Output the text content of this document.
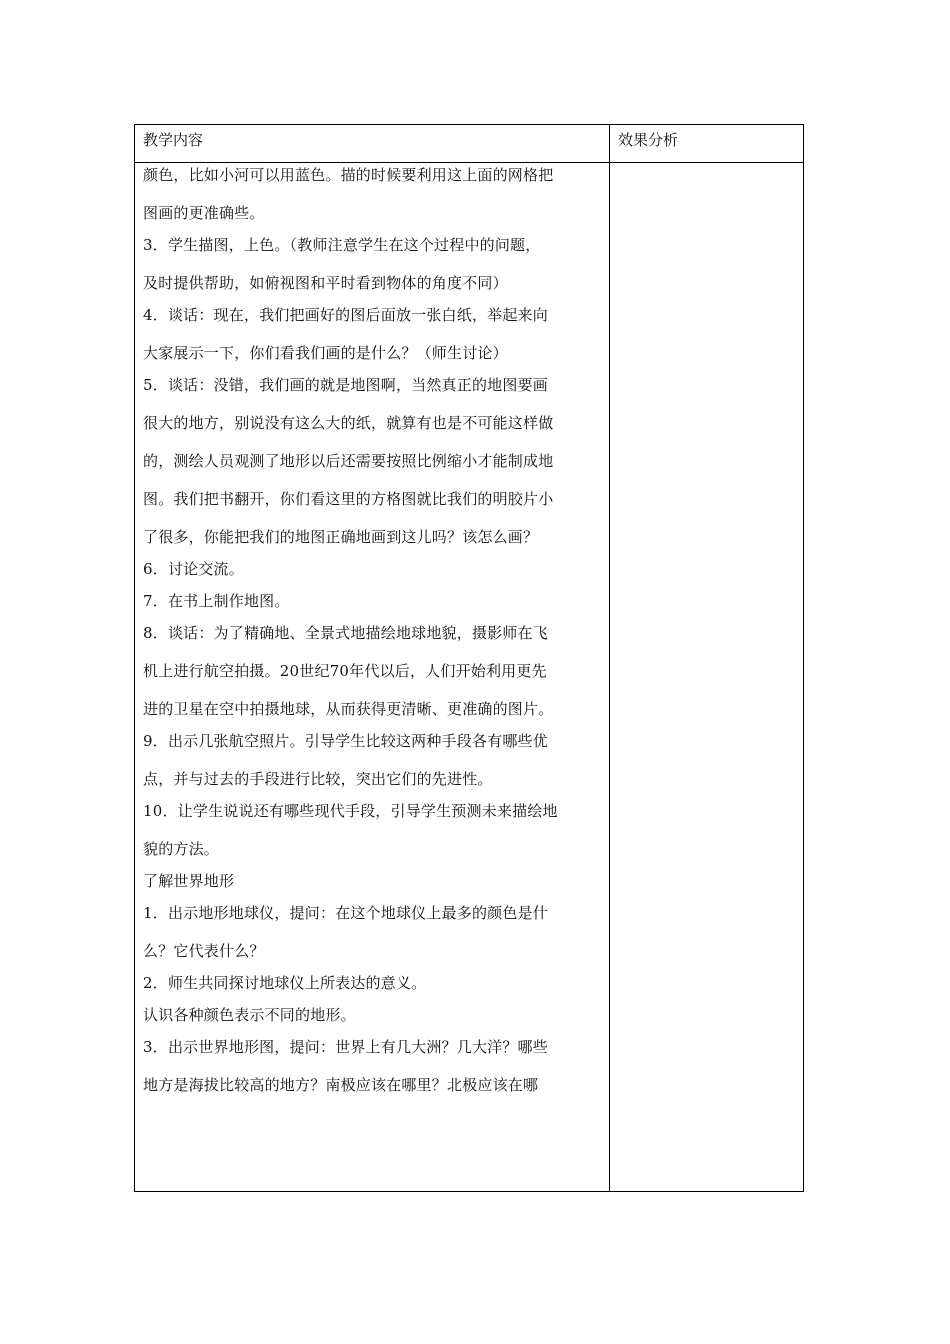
教学内容	效果分析
颜色，比如小河可以用蓝色。描的时候要利用这上面的网格把
图画的更准确些。
3．学生描图，上色。（教师注意学生在这个过程中的问题，
及时提供帮助，如俯视图和平时看到物体的角度不同）
4．谈话：现在，我们把画好的图后面放一张白纸，举起来向
大家展示一下，你们看我们画的是什么？（师生讨论）
5．谈话：没错，我们画的就是地图啊，当然真正的地图要画
很大的地方，别说没有这么大的纸，就算有也是不可能这样做
的，测绘人员观测了地形以后还需要按照比例缩小才能制成地
图。我们把书翻开，你们看这里的方格图就比我们的明胶片小
了很多，你能把我们的地图正确地画到这儿吗？该怎么画？
6．讨论交流。
7．在书上制作地图。
8．谈话：为了精确地、全景式地描绘地球地貌，摄影师在飞
机上进行航空拍摄。20世纪70年代以后，人们开始利用更先
进的卫星在空中拍摄地球，从而获得更清晰、更准确的图片。
9．出示几张航空照片。引导学生比较这两种手段各有哪些优
点，并与过去的手段进行比较，突出它们的先进性。
10．让学生说说还有哪些现代手段，引导学生预测未来描绘地
貌的方法。
了解世界地形
1．出示地形地球仪，提问：在这个地球仪上最多的颜色是什
么？它代表什么？
2．师生共同探讨地球仪上所表达的意义。
认识各种颜色表示不同的地形。
3．出示世界地形图，提问：世界上有几大洲？几大洋？哪些
地方是海拔比较高的地方？南极应该在哪里？北极应该在哪
